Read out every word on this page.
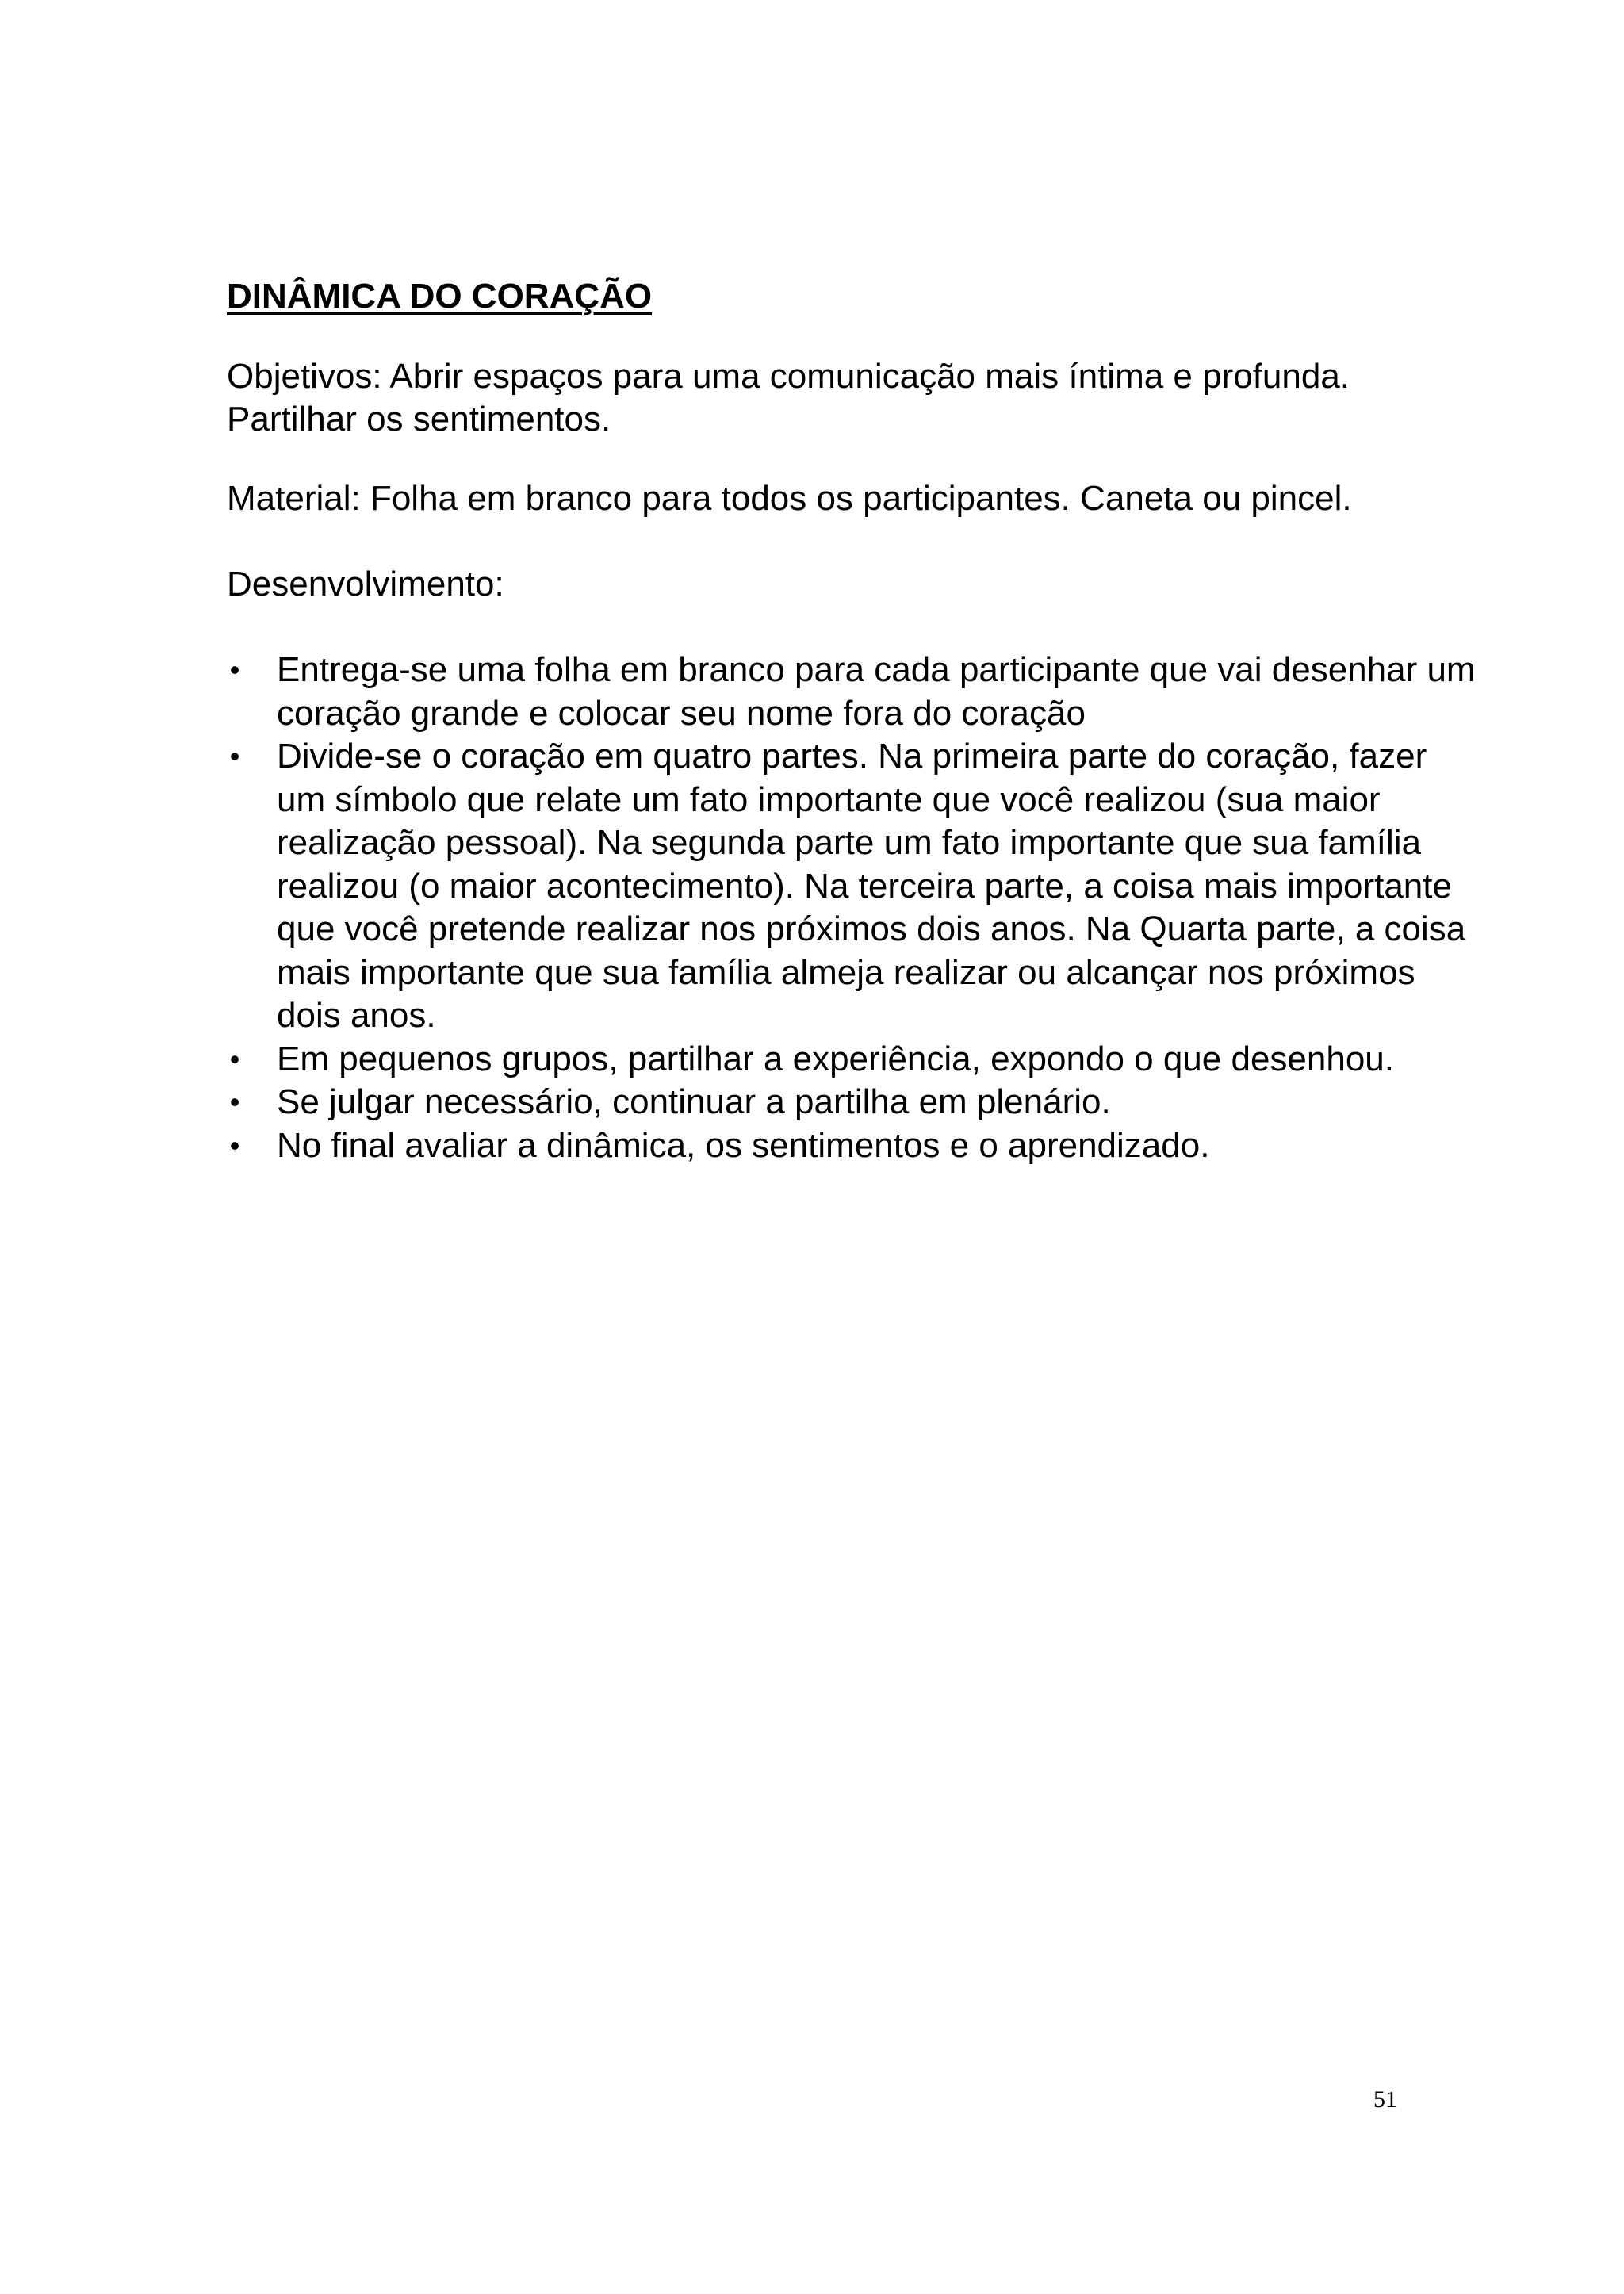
DINÂMICA DO CORAÇÃO

Objetivos: Abrir espaços para uma comunicação mais íntima e profunda. Partilhar os sentimentos.

Material: Folha em branco para todos os participantes. Caneta ou pincel.

Desenvolvimento:

• Entrega-se uma folha em branco para cada participante que vai desenhar um coração grande e colocar seu nome fora do coração
• Divide-se o coração em quatro partes. Na primeira parte do coração, fazer um símbolo que relate um fato importante que você realizou (sua maior realização pessoal). Na segunda parte um fato importante que sua família realizou (o maior acontecimento). Na terceira parte, a coisa mais importante que você pretende realizar nos próximos dois anos. Na Quarta parte, a coisa mais importante que sua família almeja realizar ou alcançar nos próximos dois anos.
• Em pequenos grupos, partilhar a experiência, expondo o que desenhou.
• Se julgar necessário, continuar a partilha em plenário.
• No final avaliar a dinâmica, os sentimentos e o aprendizado.
51
